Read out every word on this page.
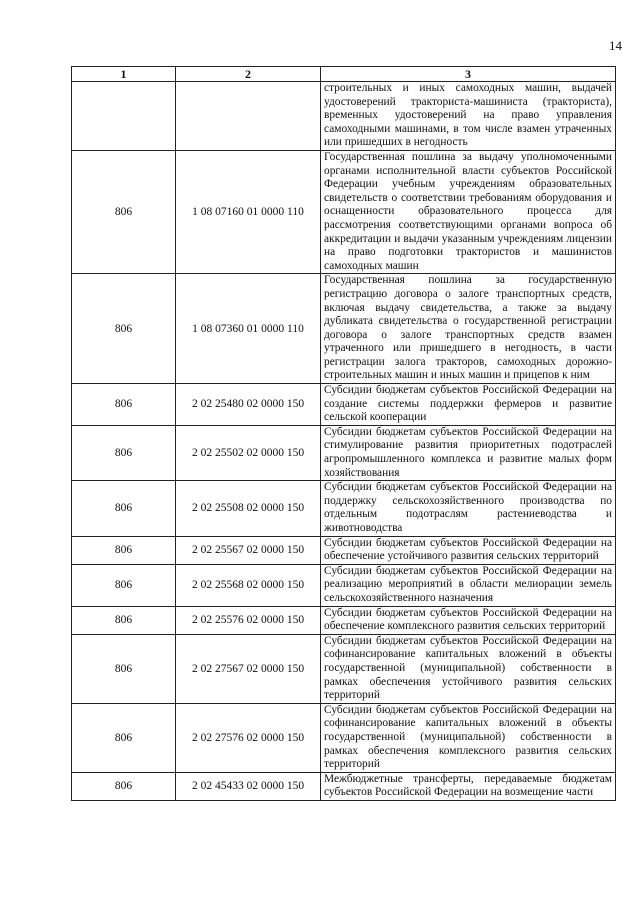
14
1	2	3
		строительных и иных самоходных машин, выдачей удостоверений тракториста-машиниста (тракториста), временных удостоверений на право управления самоходными машинами, в том числе взамен утраченных или пришедших в негодность
806	1 08 07160 01 0000 110	Государственная пошлина за выдачу уполномоченными органами исполнительной власти субъектов Российской Федерации учебным учреждениям образовательных свидетельств о соответствии требованиям оборудования и оснащенности образовательного процесса для рассмотрения соответствующими органами вопроса об аккредитации и выдачи указанным учреждениям лицензии на право подготовки трактористов и машинистов самоходных машин
806	1 08 07360 01 0000 110	Государственная пошлина за государственную регистрацию договора о залоге транспортных средств, включая выдачу свидетельства, а также за выдачу дубликата свидетельства о государственной регистрации договора о залоге транспортных средств взамен утраченного или пришедшего в негодность, в части регистрации залога тракторов, самоходных дорожно-строительных машин и иных машин и прицепов к ним
806	2 02 25480 02 0000 150	Субсидии бюджетам субъектов Российской Федерации на создание системы поддержки фермеров и развитие сельской кооперации
806	2 02 25502 02 0000 150	Субсидии бюджетам субъектов Российской Федерации на стимулирование развития приоритетных подотраслей агропромышленного комплекса и развитие малых форм хозяйствования
806	2 02 25508 02 0000 150	Субсидии бюджетам субъектов Российской Федерации на поддержку сельскохозяйственного производства по отдельным подотраслям растениеводства и животноводства
806	2 02 25567 02 0000 150	Субсидии бюджетам субъектов Российской Федерации на обеспечение устойчивого развития сельских территорий
806	2 02 25568 02 0000 150	Субсидии бюджетам субъектов Российской Федерации на реализацию мероприятий в области мелиорации земель сельскохозяйственного назначения
806	2 02 25576 02 0000 150	Субсидии бюджетам субъектов Российской Федерации на обеспечение комплексного развития сельских территорий
806	2 02 27567 02 0000 150	Субсидии бюджетам субъектов Российской Федерации на софинансирование капитальных вложений в объекты государственной (муниципальной) собственности в рамках обеспечения устойчивого развития сельских территорий
806	2 02 27576 02 0000 150	Субсидии бюджетам субъектов Российской Федерации на софинансирование капитальных вложений в объекты государственной (муниципальной) собственности в рамках обеспечения комплексного развития сельских территорий
806	2 02 45433 02 0000 150	Межбюджетные трансферты, передаваемые бюджетам субъектов Российской Федерации на возмещение части
